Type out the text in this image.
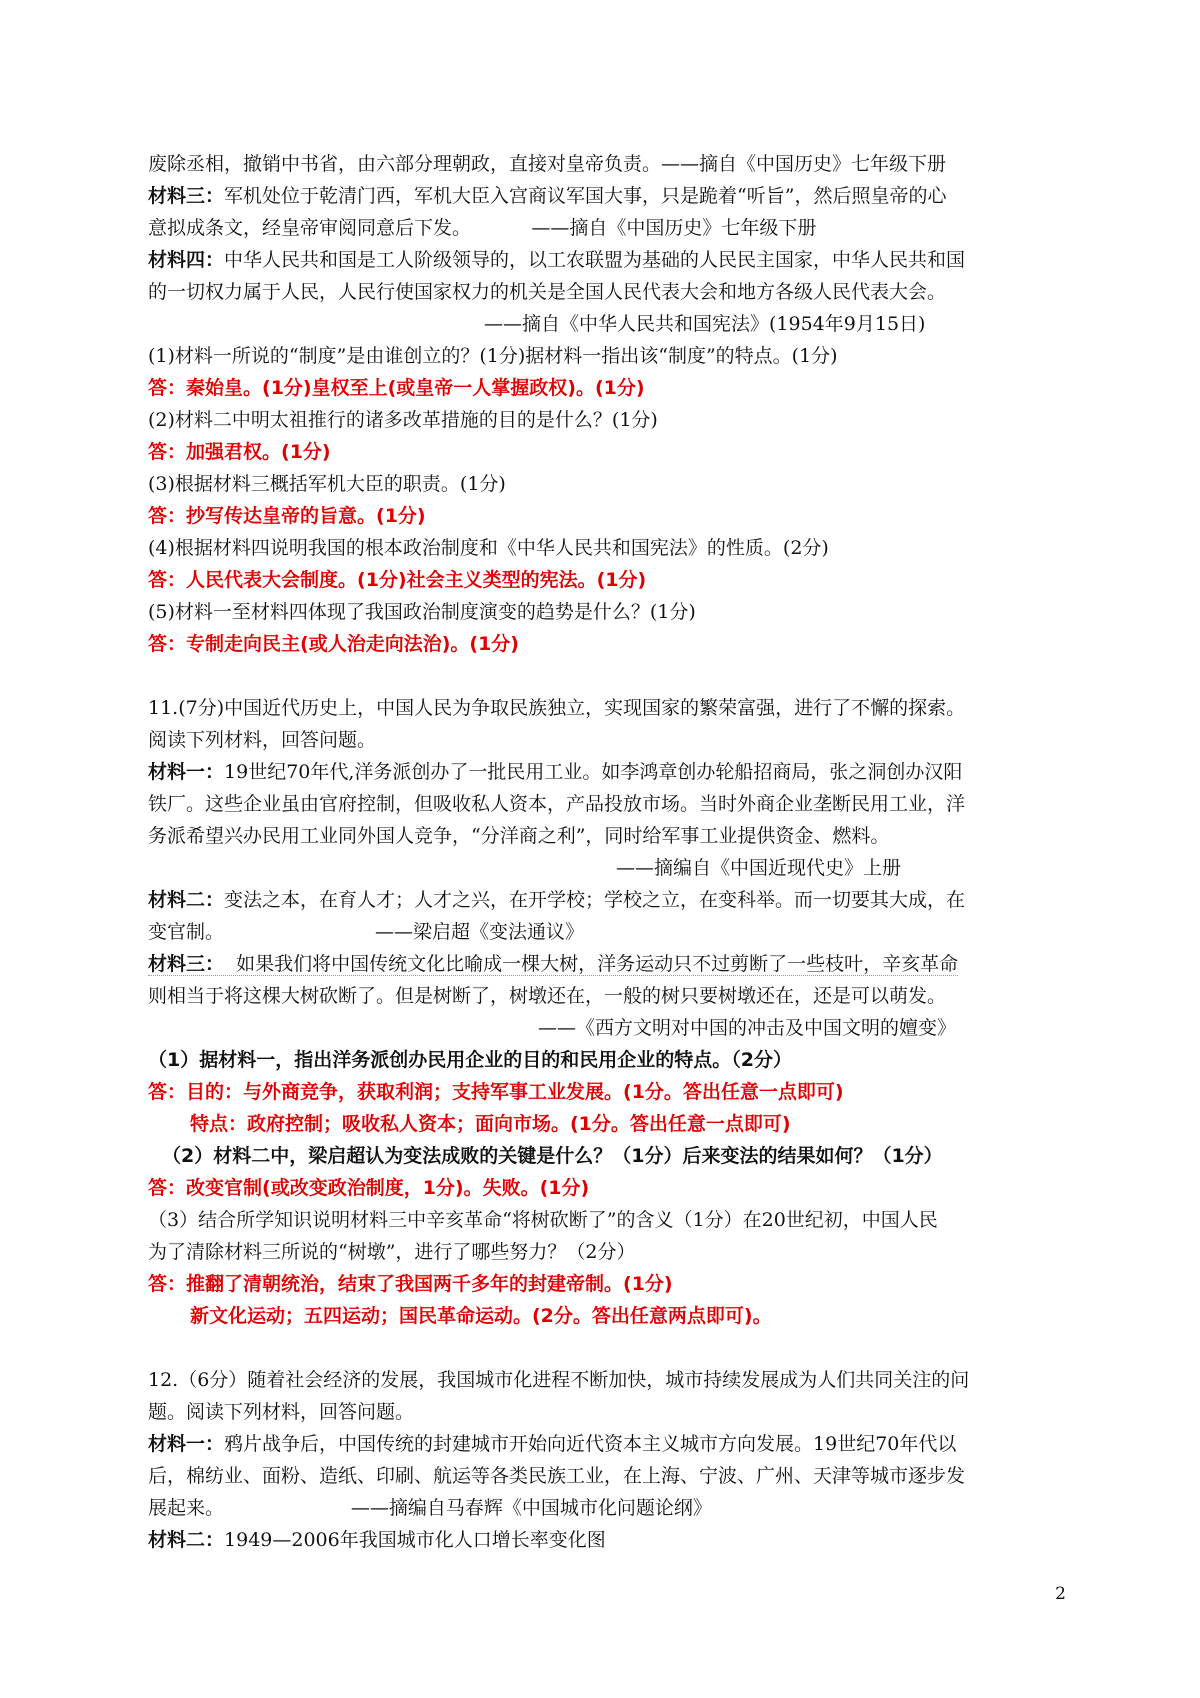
废除丞相，撤销中书省，由六部分理朝政，直接对皇帝负责。——摘自《中国历史》七年级下册
材料三：军机处位于乾清门西，军机大臣入宫商议军国大事，只是跪着“听旨”，然后照皇帝的心
意拟成条文，经皇帝审阅同意后下发。          ——摘自《中国历史》七年级下册
材料四：中华人民共和国是工人阶级领导的，以工农联盟为基础的人民民主国家，中华人民共和国
的一切权力属于人民，人民行使国家权力的机关是全国人民代表大会和地方各级人民代表大会。
——摘自《中华人民共和国宪法》(1954年9月15日)
(1)材料一所说的“制度”是由谁创立的？(1分)据材料一指出该“制度”的特点。(1分)
答：秦始皇。(1分)皇权至上(或皇帝一人掌握政权)。(1分)
(2)材料二中明太祖推行的诸多改革措施的目的是什么？(1分)
答：加强君权。(1分)
(3)根据材料三概括军机大臣的职责。(1分)
答：抄写传达皇帝的旨意。(1分)
(4)根据材料四说明我国的根本政治制度和《中华人民共和国宪法》的性质。(2分)
答：人民代表大会制度。(1分)社会主义类型的宪法。(1分)
(5)材料一至材料四体现了我国政治制度演变的趋势是什么？(1分)
答：专制走向民主(或人治走向法治)。(1分)
11.(7分)中国近代历史上，中国人民为争取民族独立，实现国家的繁荣富强，进行了不懈的探索。
阅读下列材料，回答问题。
材料一：19世纪70年代,洋务派创办了一批民用工业。如李鸿章创办轮船招商局，张之洞创办汉阳
铁厂。这些企业虽由官府控制，但吸收私人资本，产品投放市场。当时外商企业垄断民用工业，洋
务派希望兴办民用工业同外国人竞争，“分洋商之利”，同时给军事工业提供资金、燃料。
——摘编自《中国近现代史》上册
材料二：变法之本，在育人才；人才之兴，在开学校；学校之立，在变科举。而一切要其大成，在
变官制。                         ——梁启超《变法通议》
材料三：  如果我们将中国传统文化比喻成一棵大树，洋务运动只不过剪断了一些枝叶，辛亥革命
则相当于将这棵大树砍断了。但是树断了，树墩还在，一般的树只要树墩还在，还是可以萌发。
——《西方文明对中国的冲击及中国文明的嬗变》
（1）据材料一，指出洋务派创办民用企业的目的和民用企业的特点。（2分）
答：目的：与外商竞争，获取利润；支持军事工业发展。(1分。答出任意一点即可)
特点：政府控制；吸收私人资本；面向市场。(1分。答出任意一点即可)
（2）材料二中，梁启超认为变法成败的关键是什么？（1分）后来变法的结果如何？（1分）
答：改变官制(或改变政治制度，1分)。失败。(1分)
（3）结合所学知识说明材料三中辛亥革命“将树砍断了”的含义（1分）在20世纪初，中国人民
为了清除材料三所说的“树墩”，进行了哪些努力？（2分）
答：推翻了清朝统治，结束了我国两千多年的封建帝制。(1分)
新文化运动；五四运动；国民革命运动。(2分。答出任意两点即可)。
12.（6分）随着社会经济的发展，我国城市化进程不断加快，城市持续发展成为人们共同关注的问
题。阅读下列材料，回答问题。
材料一：鸦片战争后，中国传统的封建城市开始向近代资本主义城市方向发展。19世纪70年代以
后，棉纺业、面粉、造纸、印刷、航运等各类民族工业，在上海、宁波、广州、天津等城市逐步发
展起来。                     ——摘编自马春辉《中国城市化问题论纲》
材料二：1949—2006年我国城市化人口增长率变化图
2
